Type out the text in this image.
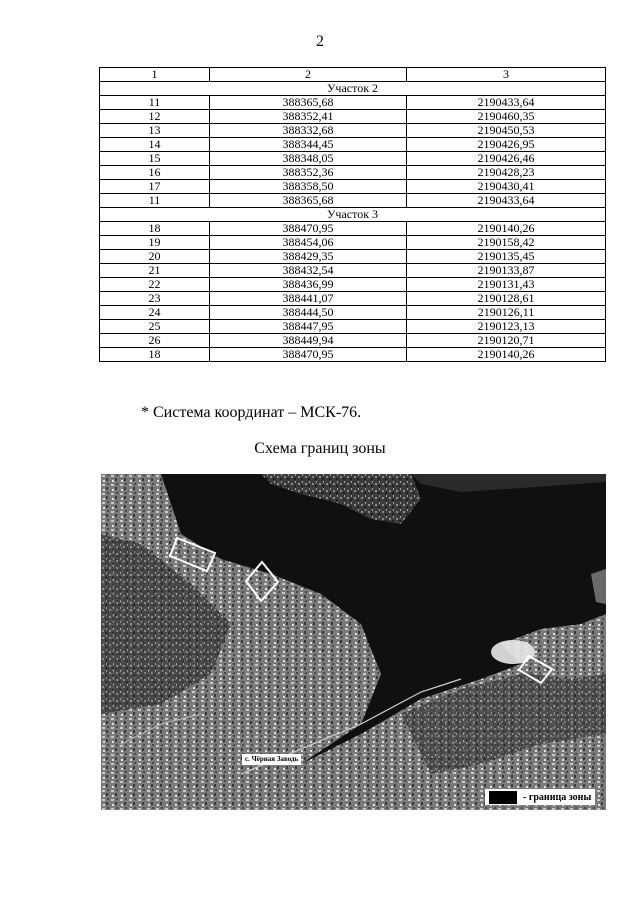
2
1	2	3
Участок 2		
11	388365,68	2190433,64
12	388352,41	2190460,35
13	388332,68	2190450,53
14	388344,45	2190426,95
15	388348,05	2190426,46
16	388352,36	2190428,23
17	388358,50	2190430,41
11	388365,68	2190433,64
Участок 3		
18	388470,95	2190140,26
19	388454,06	2190158,42
20	388429,35	2190135,45
21	388432,54	2190133,87
22	388436,99	2190131,43
23	388441,07	2190128,61
24	388444,50	2190126,11
25	388447,95	2190123,13
26	388449,94	2190120,71
18	388470,95	2190140,26
* Система координат – МСК-76.
Схема границ зоны
с. Чёрная Заводь
- граница зоны
